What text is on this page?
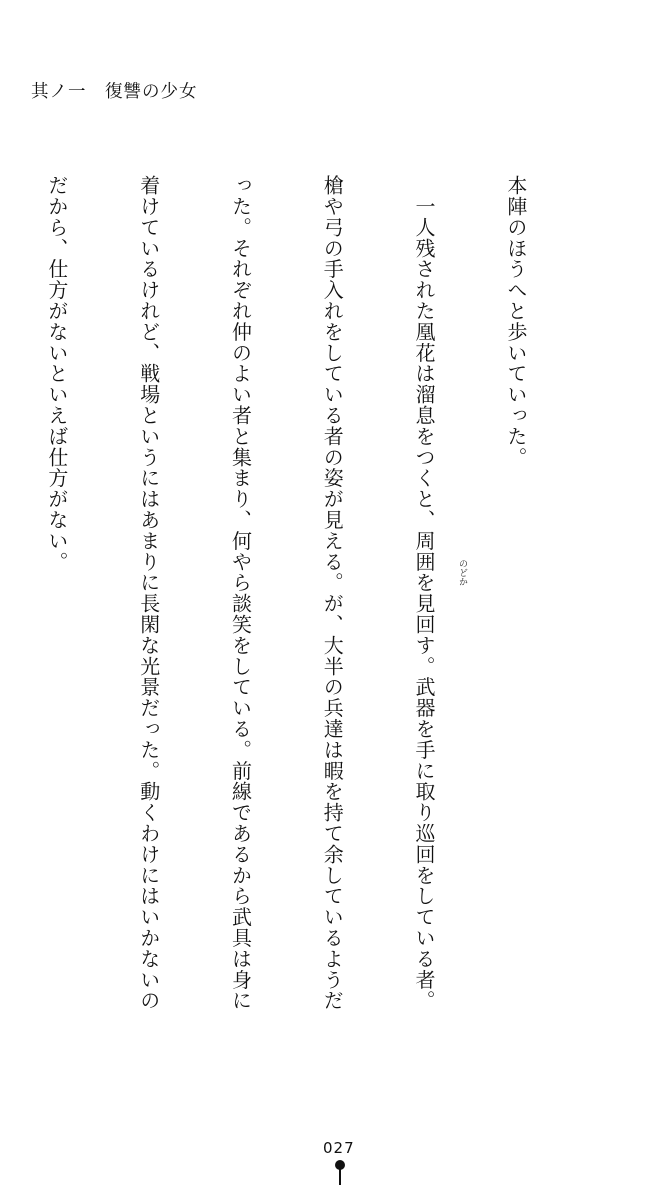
其ノ一　復讐の少女

本陣のほうへと歩いていった。

　一人残された凰花は溜息をつくと、周囲を見回す。武器を手に取り巡回をしている者。

槍や弓の手入れをしている者の姿が見える。が、大半の兵達は暇を持て余しているようだ

った。それぞれ仲のよい者と集まり、何やら談笑をしている。前線であるから武具は身に

着けているけれど、戦場というにはあまりに長閑な光景だった。動くわけにはいかないの

だから、仕方がないといえば仕方がない。

のどか
027
